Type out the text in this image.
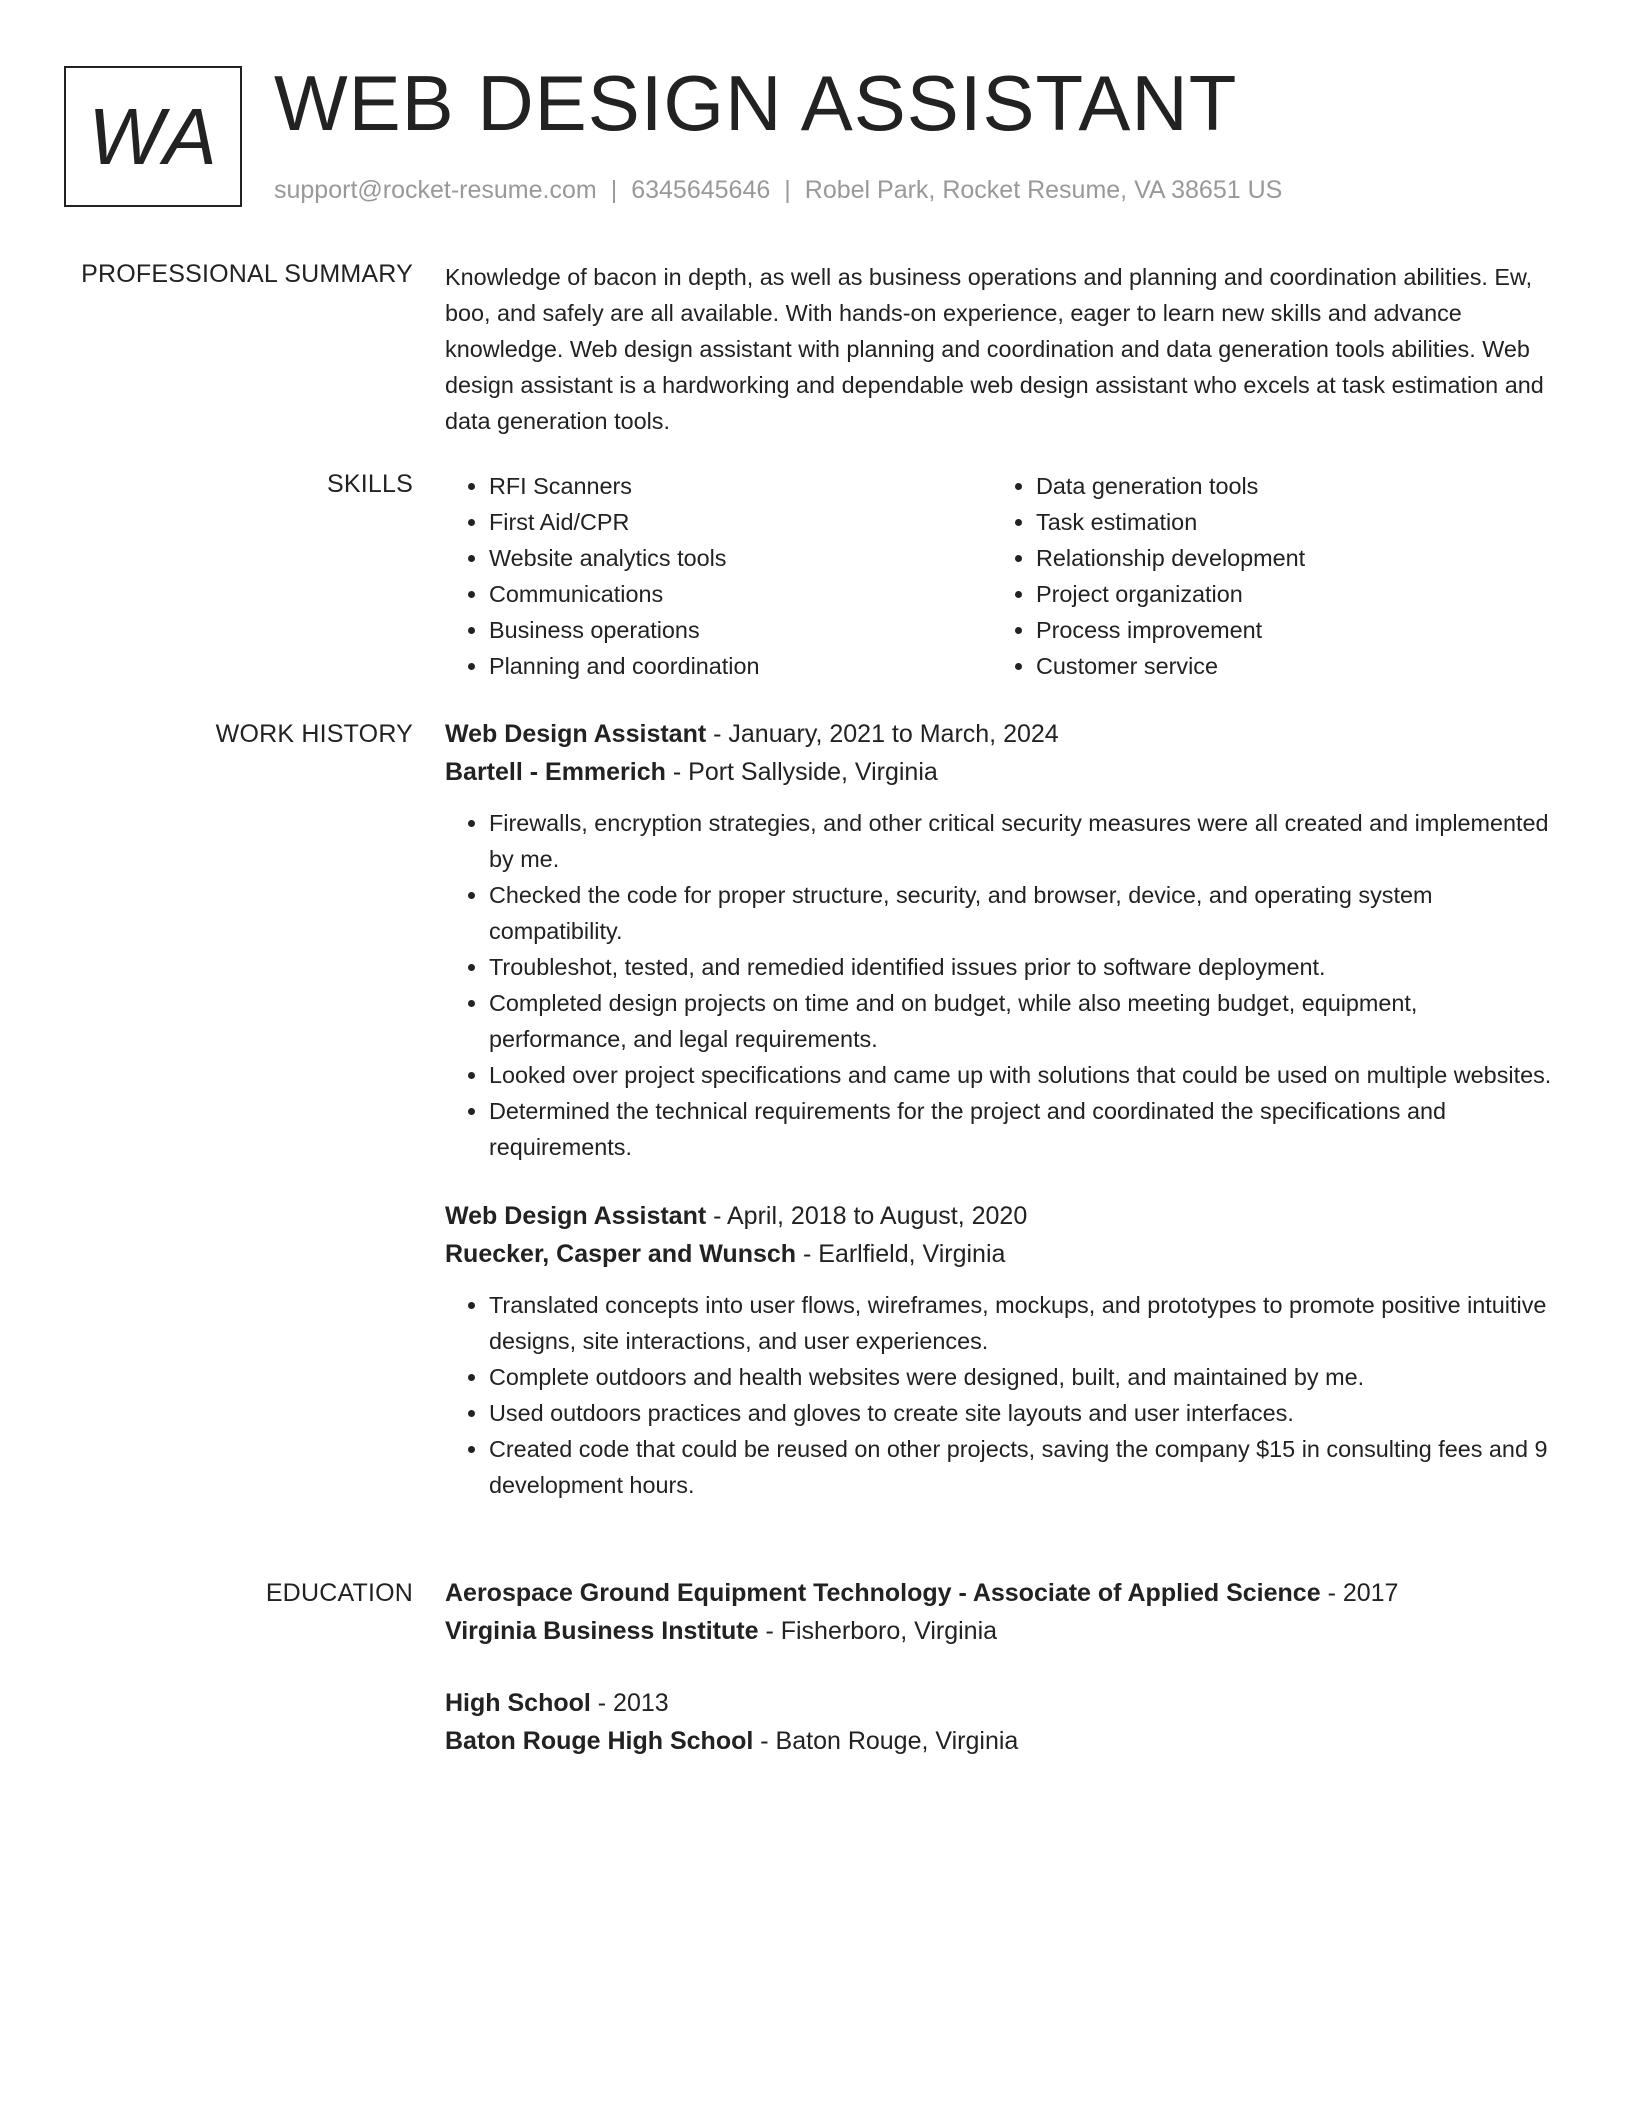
WA WEB DESIGN ASSISTANT
support@rocket-resume.com | 6345645646 | Robel Park, Rocket Resume, VA 38651 US
PROFESSIONAL SUMMARY Knowledge of bacon in depth, as well as business operations and planning and coordination abilities. Ew, boo, and safely are all available. With hands-on experience, eager to learn new skills and advance knowledge. Web design assistant with planning and coordination and data generation tools abilities. Web design assistant is a hardworking and dependable web design assistant who excels at task estimation and data generation tools.

SKILLS
•	RFI Scanners
• First Aid/CPR
• Website analytics tools
• Communications
• Business operations
• Planning and coordination
• Data generation tools
• Task estimation
• Relationship development
• Project organization
• Process improvement
• Customer service
WORK HISTORY Web Design Assistant - January, 2021 to March, 2024
Bartell - Emmerich - Port Sallyside, Virginia
• Firewalls, encryption strategies, and other critical security measures were all created and implemented by me.
• Checked the code for proper structure, security, and browser, device, and operating system compatibility.
• Troubleshot, tested, and remedied identified issues prior to software deployment.
• Completed design projects on time and on budget, while also meeting budget, equipment, performance, and legal requirements.
• Looked over project specifications and came up with solutions that could be used on multiple websites.
• Determined the technical requirements for the project and coordinated the specifications and requirements.
Web Design Assistant - April, 2018 to August, 2020
Ruecker, Casper and Wunsch - Earlfield, Virginia
• Translated concepts into user flows, wireframes, mockups, and prototypes to promote positive intuitive designs, site interactions, and user experiences.
• Complete outdoors and health websites were designed, built, and maintained by me.
• Used outdoors practices and gloves to create site layouts and user interfaces.
• Created code that could be reused on other projects, saving the company $15 in consulting fees and 9 development hours.
EDUCATION Aerospace Ground Equipment Technology - Associate of Applied Science - 2017
Virginia Business Institute - Fisherboro, Virginia
High School - 2013
Baton Rouge High School - Baton Rouge, Virginia
